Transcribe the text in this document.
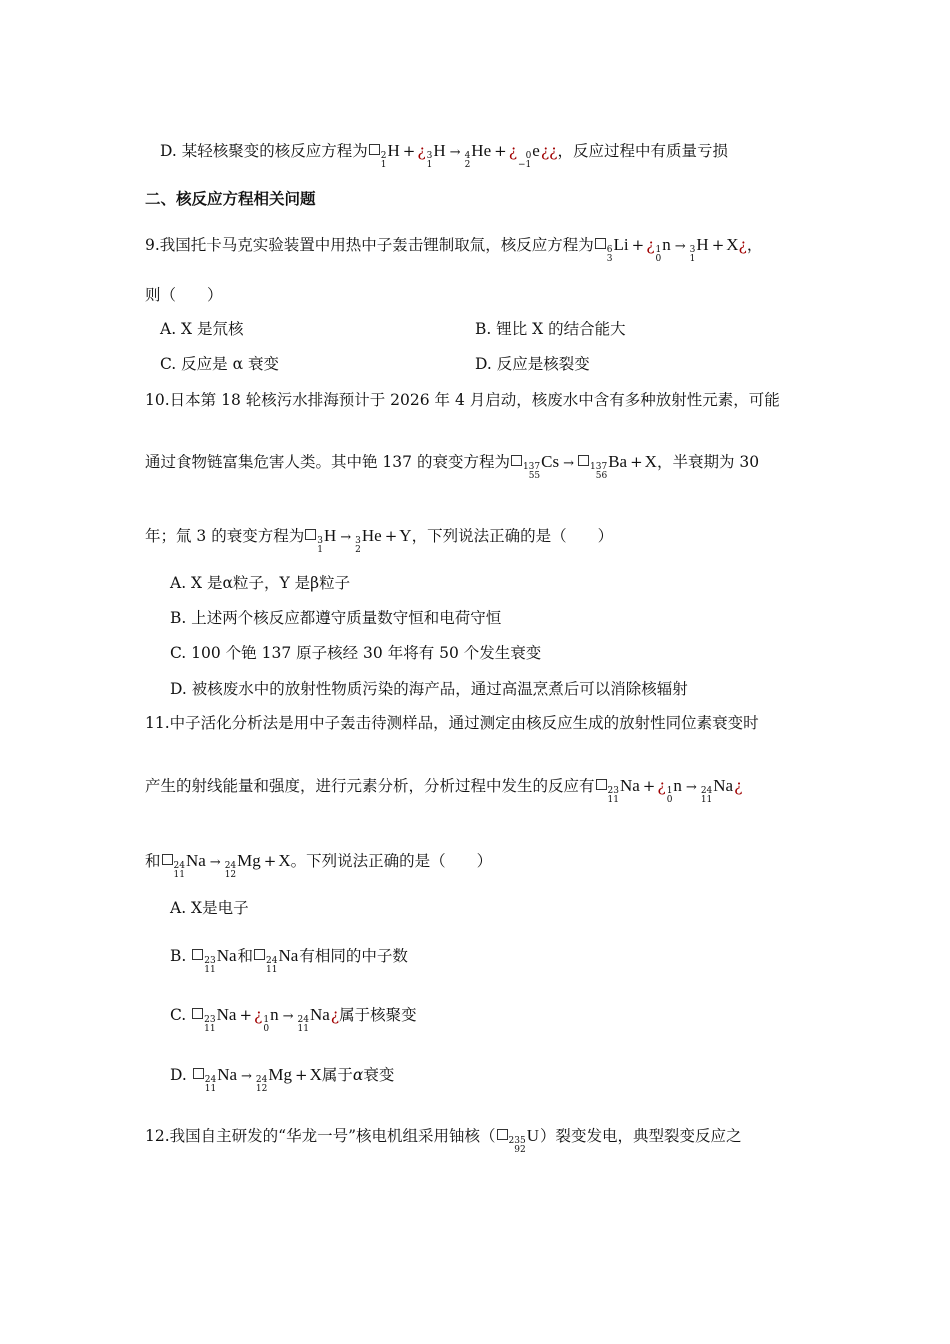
D. 某轻核聚变的核反应方程为 2
1
H + ¿ 3
1
H → 4
2
He + ¿ 0
−1
e ¿¿，反应过程中有质量亏损
二、核反应方程相关问题
9.我国托卡马克实验装置中用热中子轰击锂制取氚，核反应方程为 6
3
Li + ¿ 1
0
n → 3
1
H + X¿，
则（　　）
A. X 是氘核	B. 锂比 X 的结合能大
C. 反应是 α 衰变	D. 反应是核裂变
10.日本第 18 轮核污水排海预计于 2026 年 4 月启动，核废水中含有多种放射性元素，可能
通过食物链富集危害人类。其中铯 137 的衰变方程为 137
55
Cs → 137
56
Ba + X，半衰期为 30
年；氚 3 的衰变方程为 3
1
H → 3
2
He + Y，下列说法正确的是（　　）
A. X 是α粒子，Y 是β粒子
B. 上述两个核反应都遵守质量数守恒和电荷守恒
C. 100 个铯 137 原子核经 30 年将有 50 个发生衰变
D. 被核废水中的放射性物质污染的海产品，通过高温烹煮后可以消除核辐射
11.中子活化分析法是用中子轰击待测样品，通过测定由核反应生成的放射性同位素衰变时
产生的射线能量和强度，进行元素分析，分析过程中发生的反应有 23
11
Na + ¿ 1
0
n → 24
11
Na ¿
和 24
11
Na → 24
12
Mg + X。下列说法正确的是（　　）
A. X是电子
B. 23
11
Na 和 24
11
Na 有相同的中子数
C. 23
11
Na + ¿ 1
0
n → 24
11
Na ¿属于核聚变
D. 24
11
Na → 24
12
Mg + X属于α衰变
12.我国自主研发的“华龙一号”核电机组采用铀核（ 235
92
U ）裂变发电，典型裂变反应之
